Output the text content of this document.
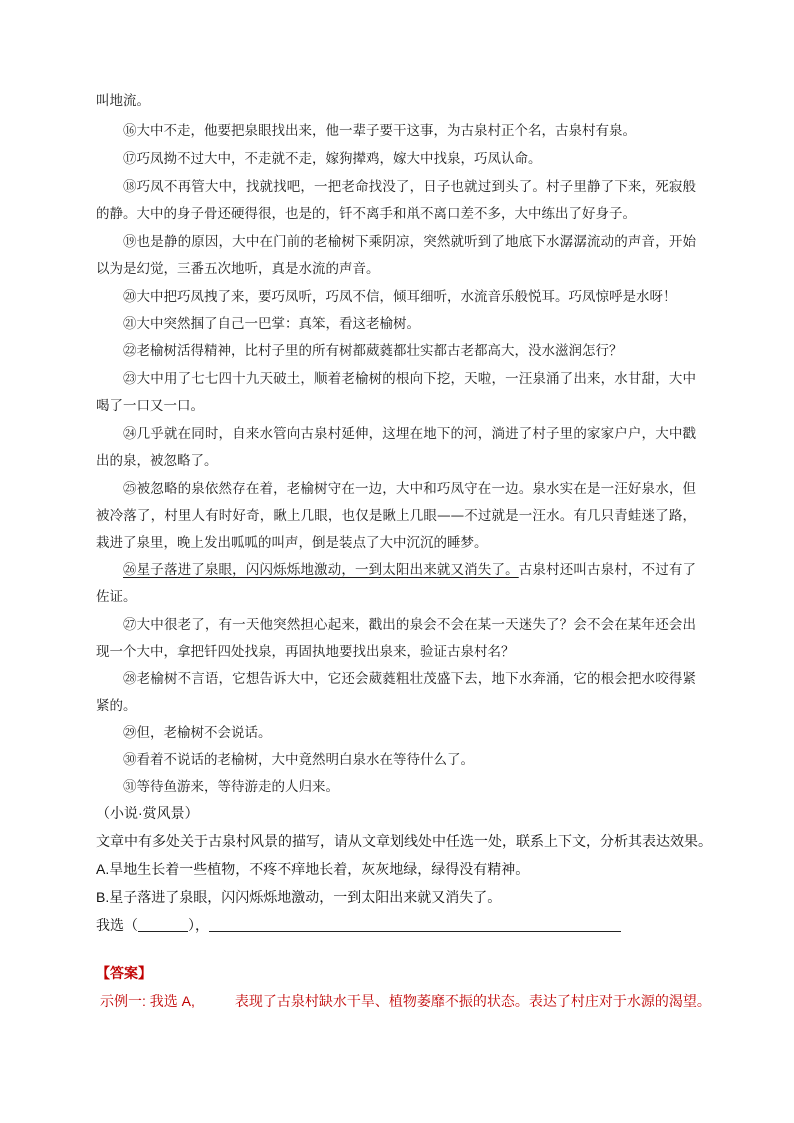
叫地流。

⑯大中不走，他要把泉眼找出来，他一辈子要干这事，为古泉村正个名，古泉村有泉。

⑰巧凤拗不过大中，不走就不走，嫁狗撵鸡，嫁大中找泉，巧凤认命。

⑱巧凤不再管大中，找就找吧，一把老命找没了，日子也就过到头了。村子里静了下来，死寂般的静。大中的身子骨还硬得很，也是的，钎不离手和鼡不离口差不多，大中练出了好身子。

⑲也是静的原因，大中在门前的老榆树下乘阴凉，突然就听到了地底下水潺潺流动的声音，开始以为是幻觉，三番五次地听，真是水流的声音。

⑳大中把巧凤拽了来，要巧凤听，巧凤不信，倾耳细听，水流音乐般悦耳。巧凤惊呼是水呀！

㉑大中突然掴了自己一巴掌：真笨，看这老榆树。

㉒老榆树活得精神，比村子里的所有树都葳蕤都壮实都古老都高大，没水滋润怎行？

㉓大中用了七七四十九天破土，顺着老榆树的根向下挖，天啦，一汪泉涌了出来，水甘甜，大中喝了一口又一口。

㉔几乎就在同时，自来水管向古泉村延伸，这埋在地下的河，淌进了村子里的家家户户，大中戳出的泉，被忽略了。

㉕被忽略的泉依然存在着，老榆树守在一边，大中和巧凤守在一边。泉水实在是一汪好泉水，但被冷落了，村里人有时好奇，瞅上几眼，也仅是瞅上几眼——不过就是一汪水。有几只青蛙迷了路，栽进了泉里，晚上发出呱呱的叫声，倒是装点了大中沉沉的睡梦。

㉖星子落进了泉眼，闪闪烁烁地激动，一到太阳出来就又消失了。古泉村还叫古泉村，不过有了佐证。

㉗大中很老了，有一天他突然担心起来，戳出的泉会不会在某一天迷失了？会不会在某年还会出现一个大中，拿把钎四处找泉，再固执地要找出泉来，验证古泉村名？

㉘老榆树不言语，它想告诉大中，它还会葳蕤粗壮茂盛下去，地下水奔涌，它的根会把水咬得紧紧的。

㉙但，老榆树不会说话。

㉚看着不说话的老榆树，大中竟然明白泉水在等待什么了。

㉛等待鱼游来，等待游走的人归来。

（小说·赏风景）

文章中有多处关于古泉村风景的描写，请从文章划线处中任选一处，联系上下文，分析其表达效果。

A.旱地生长着一些植物，不疼不痒地长着，灰灰地绿，绿得没有精神。

B.星子落进了泉眼，闪闪烁烁地激动，一到太阳出来就又消失了。

我选（	），

【答案】

示例一: 我选 A,	表现了古泉村缺水干旱、植物萎靡不振的状态。表达了村庄对于水源的渴望。
